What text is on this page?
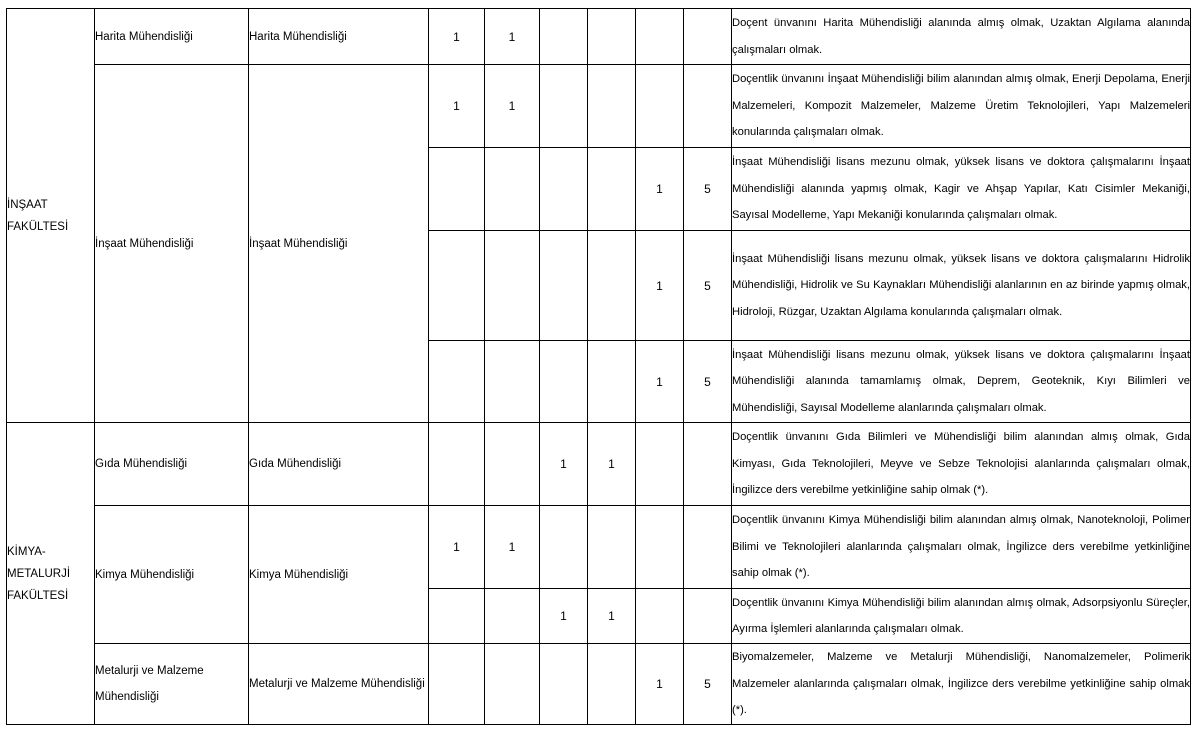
İNŞAAT FAKÜLTESİ	Harita Mühendisliği	Harita Mühendisliği	1	1					Doçent ünvanını Harita Mühendisliği alanında almış olmak, Uzaktan Algılama alanında çalışmaları olmak.

	İnşaat Mühendisliği	İnşaat Mühendisliği	1	1					Doçentlik ünvanını İnşaat Mühendisliği bilim alanından almış olmak, Enerji Depolama, Enerji Malzemeleri, Kompozit Malzemeler, Malzeme Üretim Teknolojileri, Yapı Malzemeleri konularında çalışmaları olmak.

							1	5	İnşaat Mühendisliği lisans mezunu olmak, yüksek lisans ve doktora çalışmalarını İnşaat Mühendisliği alanında yapmış olmak, Kagir ve Ahşap Yapılar, Katı Cisimler Mekaniği, Sayısal Modelleme, Yapı Mekaniği konularında çalışmaları olmak.

							1	5	İnşaat Mühendisliği lisans mezunu olmak, yüksek lisans ve doktora çalışmalarını Hidrolik Mühendisliği, Hidrolik ve Su Kaynakları Mühendisliği alanlarının en az birinde yapmış olmak, Hidroloji, Rüzgar, Uzaktan Algılama konularında çalışmaları olmak.

							1	5	İnşaat Mühendisliği lisans mezunu olmak, yüksek lisans ve doktora çalışmalarını İnşaat Mühendisliği alanında tamamlamış olmak, Deprem, Geoteknik, Kıyı Bilimleri ve Mühendisliği, Sayısal Modelleme alanlarında çalışmaları olmak.

KİMYA-METALURJİ FAKÜLTESİ	Gıda Mühendisliği	Gıda Mühendisliği			1	1			Doçentlik ünvanını Gıda Bilimleri ve Mühendisliği bilim alanından almış olmak, Gıda Kimyası, Gıda Teknolojileri, Meyve ve Sebze Teknolojisi alanlarında çalışmaları olmak, İngilizce ders verebilme yetkinliğine sahip olmak (*).

	Kimya Mühendisliği	Kimya Mühendisliği	1	1					Doçentlik ünvanını Kimya Mühendisliği bilim alanından almış olmak, Nanoteknoloji, Polimer Bilimi ve Teknolojileri alanlarında çalışmaları olmak, İngilizce ders verebilme yetkinliğine sahip olmak (*).

					1	1			Doçentlik ünvanını Kimya Mühendisliği bilim alanından almış olmak, Adsorpsiyonlu Süreçler, Ayırma İşlemleri alanlarında çalışmaları olmak.

	Metalurji ve Malzeme Mühendisliği	Metalurji ve Malzeme Mühendisliği					1	5	Biyomalzemeler, Malzeme ve Metalurji Mühendisliği, Nanomalzemeler, Polimerik Malzemeler alanlarında çalışmaları olmak, İngilizce ders verebilme yetkinliğine sahip olmak (*).
